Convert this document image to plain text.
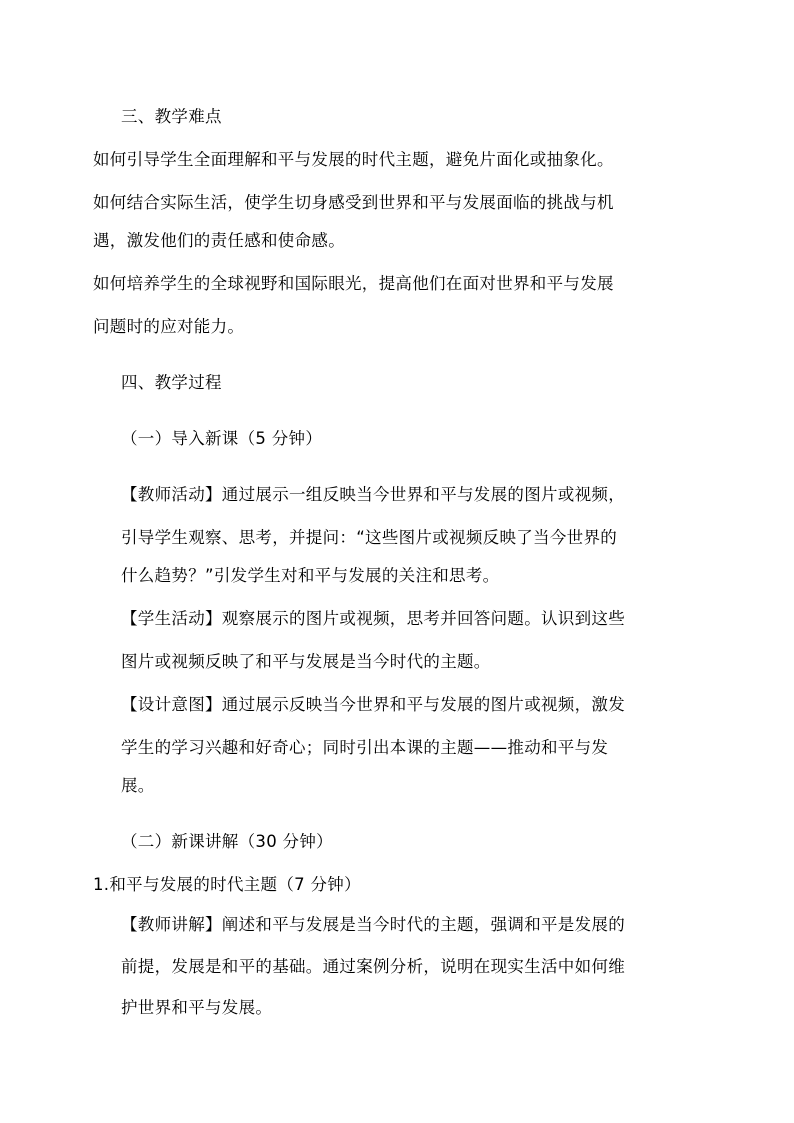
三、教学难点

如何引导学生全面理解和平与发展的时代主题，避免片面化或抽象化。

如何结合实际生活，使学生切身感受到世界和平与发展面临的挑战与机

遇，激发他们的责任感和使命感。

如何培养学生的全球视野和国际眼光，提高他们在面对世界和平与发展

问题时的应对能力。

四、教学过程

（一）导入新课（5 分钟）

【教师活动】通过展示一组反映当今世界和平与发展的图片或视频，

引导学生观察、思考，并提问：“这些图片或视频反映了当今世界的

什么趋势？”引发学生对和平与发展的关注和思考。

【学生活动】观察展示的图片或视频，思考并回答问题。认识到这些

图片或视频反映了和平与发展是当今时代的主题。

【设计意图】通过展示反映当今世界和平与发展的图片或视频，激发

学生的学习兴趣和好奇心；同时引出本课的主题——推动和平与发

展。

（二）新课讲解（30 分钟）

1.和平与发展的时代主题（7 分钟）

【教师讲解】阐述和平与发展是当今时代的主题，强调和平是发展的

前提，发展是和平的基础。通过案例分析，说明在现实生活中如何维

护世界和平与发展。
